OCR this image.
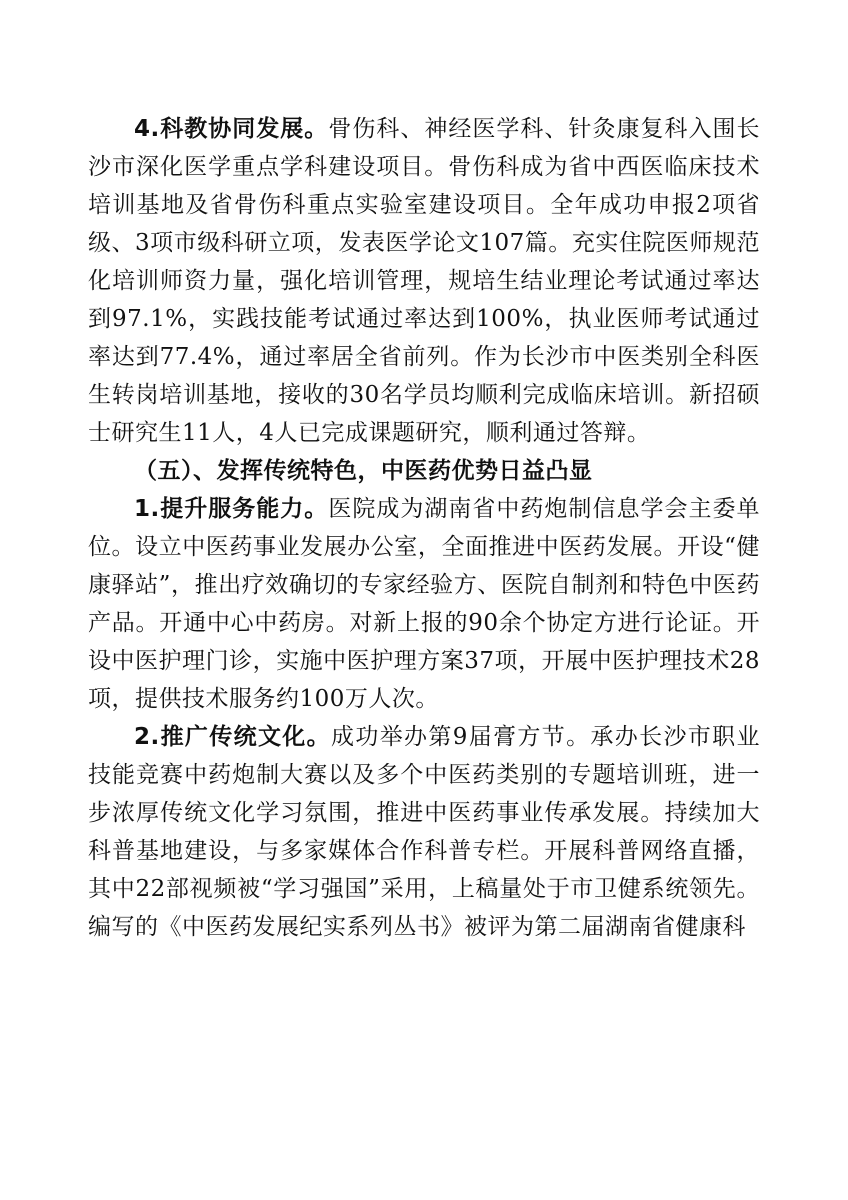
4.科教协同发展。骨伤科、神经医学科、针灸康复科入围长沙市深化医学重点学科建设项目。骨伤科成为省中西医临床技术培训基地及省骨伤科重点实验室建设项目。全年成功申报2项省级、3项市级科研立项，发表医学论文107篇。充实住院医师规范化培训师资力量，强化培训管理，规培生结业理论考试通过率达到97.1%，实践技能考试通过率达到100%，执业医师考试通过率达到77.4%，通过率居全省前列。作为长沙市中医类别全科医生转岗培训基地，接收的30名学员均顺利完成临床培训。新招硕士研究生11人，4人已完成课题研究，顺利通过答辩。

（五）、发挥传统特色，中医药优势日益凸显

1.提升服务能力。医院成为湖南省中药炮制信息学会主委单位。设立中医药事业发展办公室，全面推进中医药发展。开设“健康驿站”，推出疗效确切的专家经验方、医院自制剂和特色中医药产品。开通中心中药房。对新上报的90余个协定方进行论证。开设中医护理门诊，实施中医护理方案37项，开展中医护理技术28项，提供技术服务约100万人次。

2.推广传统文化。成功举办第9届膏方节。承办长沙市职业技能竞赛中药炮制大赛以及多个中医药类别的专题培训班，进一步浓厚传统文化学习氛围，推进中医药事业传承发展。持续加大科普基地建设，与多家媒体合作科普专栏。开展科普网络直播，其中22部视频被“学习强国”采用，上稿量处于市卫健系统领先。编写的《中医药发展纪实系列丛书》被评为第二届湖南省健康科
